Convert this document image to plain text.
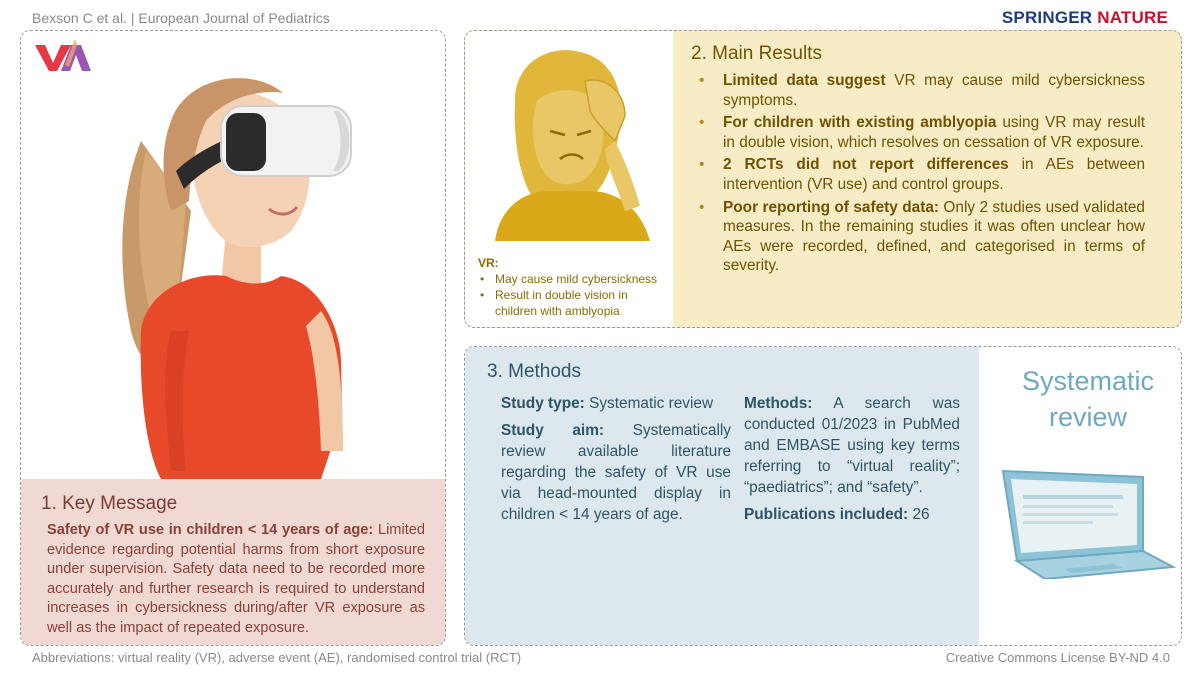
Bexson C et al. | European Journal of Pediatrics	SPRINGER NATURE
1. Key Message
Safety of VR use in children < 14 years of age: Limited evidence regarding potential harms from short exposure under supervision. Safety data need to be recorded more accurately and further research is required to understand increases in cybersickness during/after VR exposure as well as the impact of repeated exposure.
VR:
• May cause mild cybersickness
• Result in double vision in children with amblyopia
2. Main Results
• Limited data suggest VR may cause mild cybersickness symptoms.
• For children with existing amblyopia using VR may result in double vision, which resolves on cessation of VR exposure.
• 2 RCTs did not report differences in AEs between intervention (VR use) and control groups.
• Poor reporting of safety data: Only 2 studies used validated measures. In the remaining studies it was often unclear how AEs were recorded, defined, and categorised in terms of severity.
3. Methods

Study type: Systematic review

Study aim: Systematically review available literature regarding the safety of VR use via head-mounted display in children < 14 years of age.

Methods: A search was conducted 01/2023 in PubMed and EMBASE using key terms referring to “virtual reality”; “paediatrics”; and “safety”.

Publications included: 26

Systematic review
Abbreviations: virtual reality (VR), adverse event (AE), randomised control trial (RCT)	Creative Commons License BY-ND 4.0
